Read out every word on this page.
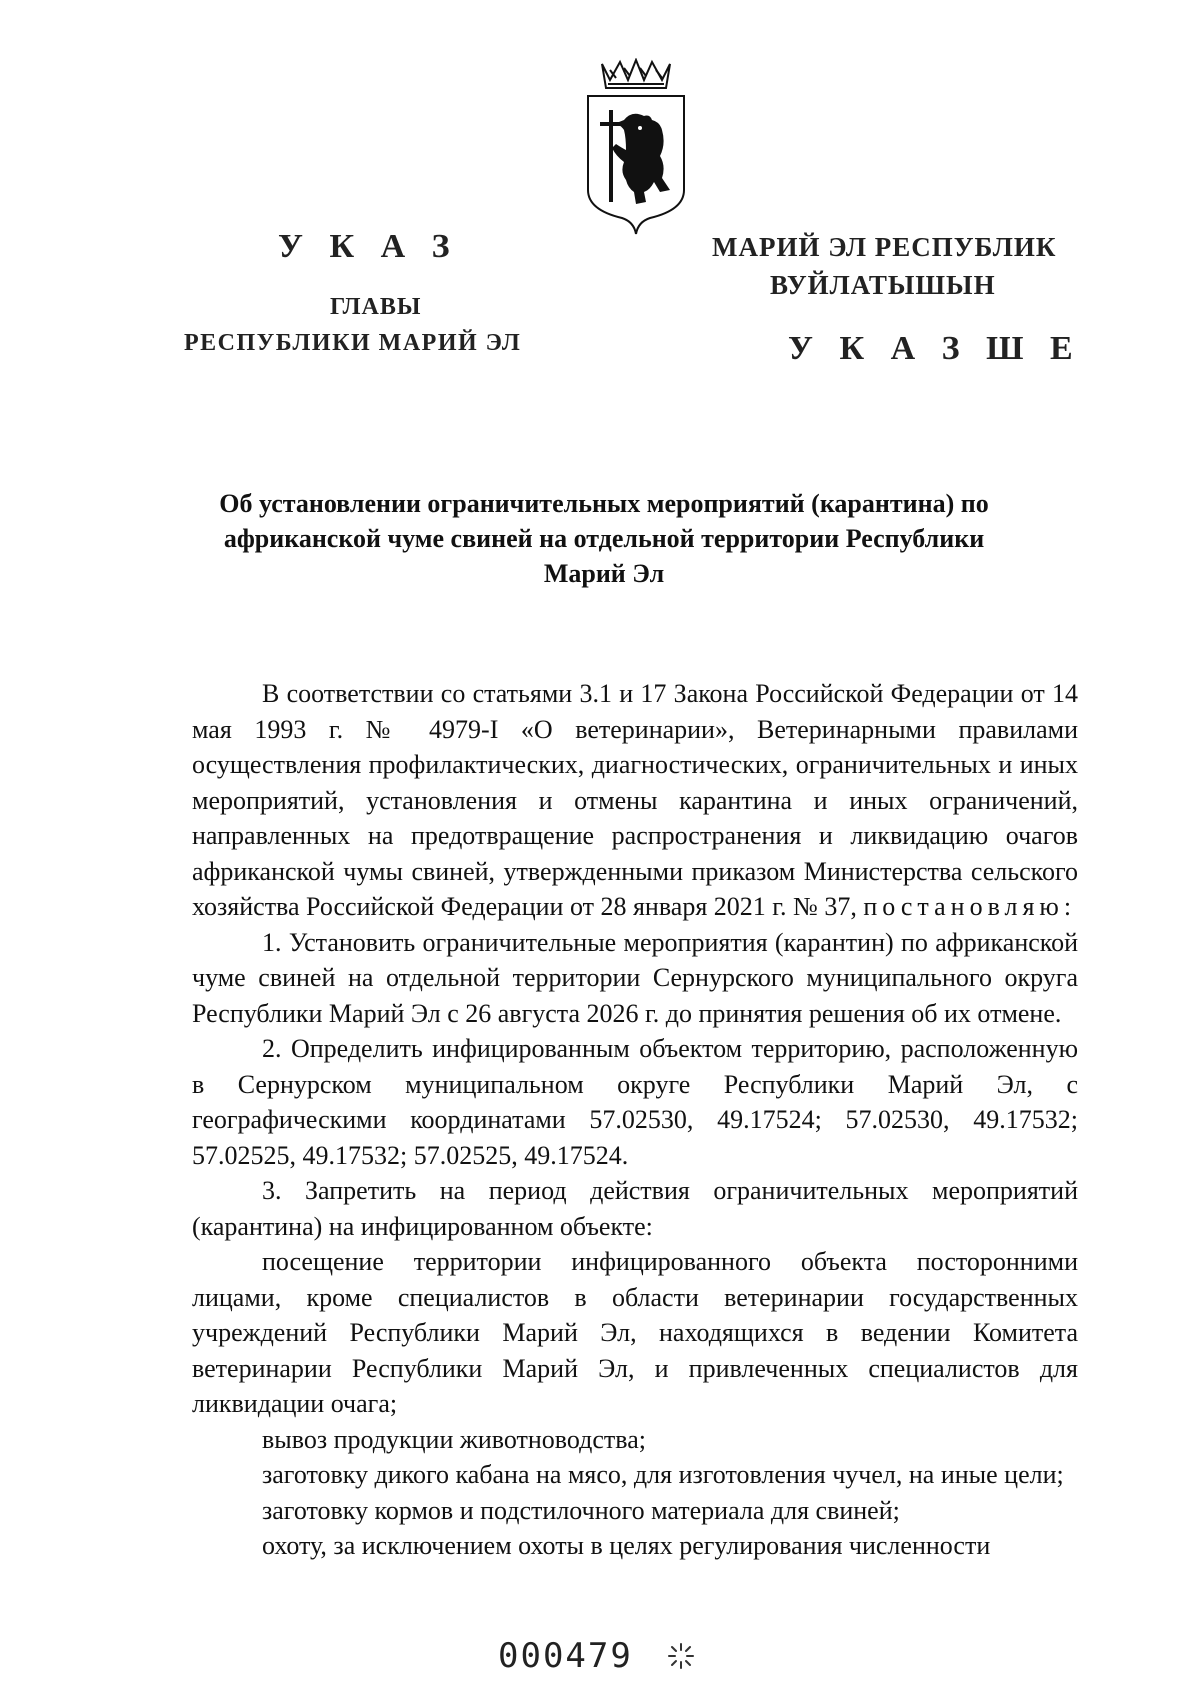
У К А З
ГЛАВЫ
РЕСПУБЛИКИ МАРИЙ ЭЛ
МАРИЙ ЭЛ РЕСПУБЛИК
ВУЙЛАТЫШЫН
У К А З Ш Е
Об установлении ограничительных мероприятий (карантина) по африканской чуме свиней на отдельной территории Республики Марий Эл

В соответствии со статьями 3.1 и 17 Закона Российской Федерации от 14 мая 1993 г. № 4979-I «О ветеринарии», Ветеринарными правилами осуществления профилактических, диагностических, ограничительных и иных мероприятий, установления и отмены карантина и иных ограничений, направленных на предотвращение распространения и ликвидацию очагов африканской чумы свиней, утвержденными приказом Министерства сельского хозяйства Российской Федерации от 28 января 2021 г. № 37, постановляю:

1. Установить ограничительные мероприятия (карантин) по африканской чуме свиней на отдельной территории Сернурского муниципального округа Республики Марий Эл с 26 августа 2026 г. до принятия решения об их отмене.

2. Определить инфицированным объектом территорию, расположенную в Сернурском муниципальном округе Республики Марий Эл, с географическими координатами 57.02530, 49.17524; 57.02530, 49.17532; 57.02525, 49.17532; 57.02525, 49.17524.

3. Запретить на период действия ограничительных мероприятий (карантина) на инфицированном объекте:

посещение территории инфицированного объекта посторонними лицами, кроме специалистов в области ветеринарии государственных учреждений Республики Марий Эл, находящихся в ведении Комитета ветеринарии Республики Марий Эл, и привлеченных специалистов для ликвидации очага;

вывоз продукции животноводства;

заготовку дикого кабана на мясо, для изготовления чучел, на иные цели;

заготовку кормов и подстилочного материала для свиней;

охоту, за исключением охоты в целях регулирования численности

000479
